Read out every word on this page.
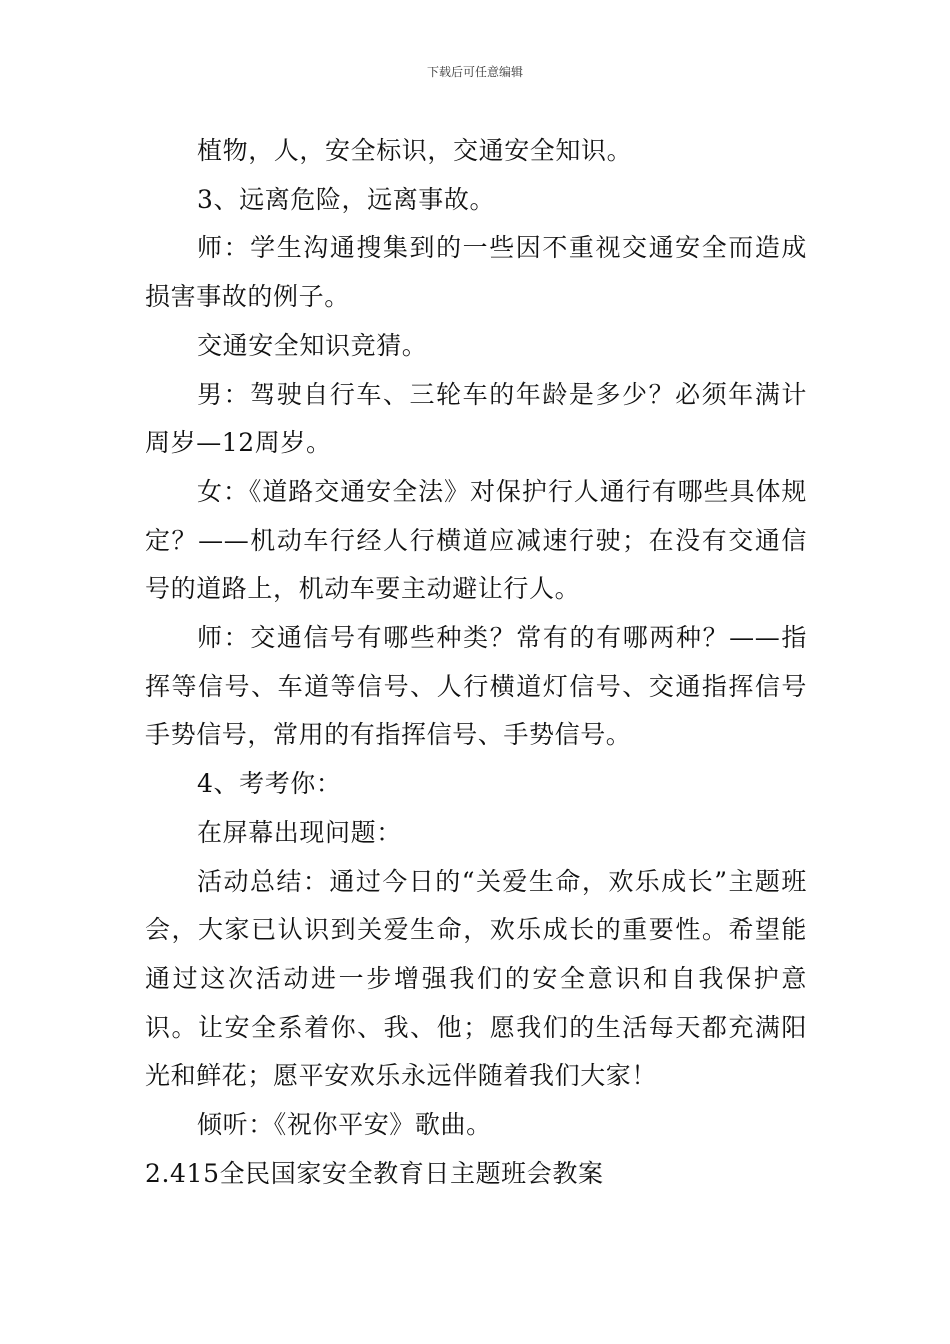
下载后可任意编辑

植物，人，安全标识，交通安全知识。

3、远离危险，远离事故。

师：学生沟通搜集到的一些因不重视交通安全而造成损害事故的例子。

交通安全知识竞猜。

男：驾驶自行车、三轮车的年龄是多少？必须年满计周岁—12周岁。

女：《道路交通安全法》对保护行人通行有哪些具体规定？——机动车行经人行横道应减速行驶；在没有交通信号的道路上，机动车要主动避让行人。

师：交通信号有哪些种类？常有的有哪两种？——指挥等信号、车道等信号、人行横道灯信号、交通指挥信号手势信号，常用的有指挥信号、手势信号。

4、考考你：

在屏幕出现问题：

活动总结：通过今日的“关爱生命，欢乐成长”主题班会，大家已认识到关爱生命，欢乐成长的重要性。希望能通过这次活动进一步增强我们的安全意识和自我保护意识。让安全系着你、我、他；愿我们的生活每天都充满阳光和鲜花；愿平安欢乐永远伴随着我们大家！

倾听：《祝你平安》歌曲。

2.415全民国家安全教育日主题班会教案
